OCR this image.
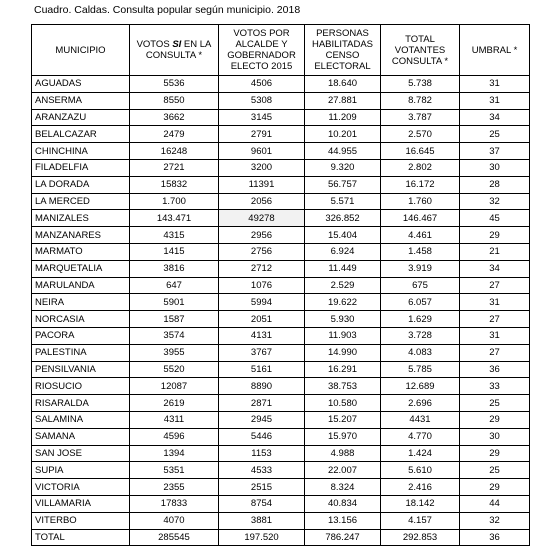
Cuadro. Caldas. Consulta popular según municipio. 2018
MUNICIPIO	VOTOS SI EN LA CONSULTA *	VOTOS POR ALCALDE Y GOBERNADOR ELECTO 2015	PERSONAS HABILITADAS CENSO ELECTORAL	TOTAL VOTANTES CONSULTA *	UMBRAL *
AGUADAS	5536	4506	18.640	5.738	31
ANSERMA	8550	5308	27.881	8.782	31
ARANZAZU	3662	3145	11.209	3.787	34
BELALCAZAR	2479	2791	10.201	2.570	25
CHINCHINA	16248	9601	44.955	16.645	37
FILADELFIA	2721	3200	9.320	2.802	30
LA DORADA	15832	11391	56.757	16.172	28
LA MERCED	1.700	2056	5.571	1.760	32
MANIZALES	143.471	49278	326.852	146.467	45
MANZANARES	4315	2956	15.404	4.461	29
MARMATO	1415	2756	6.924	1.458	21
MARQUETALIA	3816	2712	11.449	3.919	34
MARULANDA	647	1076	2.529	675	27
NEIRA	5901	5994	19.622	6.057	31
NORCASIA	1587	2051	5.930	1.629	27
PACORA	3574	4131	11.903	3.728	31
PALESTINA	3955	3767	14.990	4.083	27
PENSILVANIA	5520	5161	16.291	5.785	36
RIOSUCIO	12087	8890	38.753	12.689	33
RISARALDA	2619	2871	10.580	2.696	25
SALAMINA	4311	2945	15.207	4431	29
SAMANA	4596	5446	15.970	4.770	30
SAN JOSE	1394	1153	4.988	1.424	29
SUPIA	5351	4533	22.007	5.610	25
VICTORIA	2355	2515	8.324	2.416	29
VILLAMARIA	17833	8754	40.834	18.142	44
VITERBO	4070	3881	13.156	4.157	32
TOTAL	285545	197.520	786.247	292.853	36
